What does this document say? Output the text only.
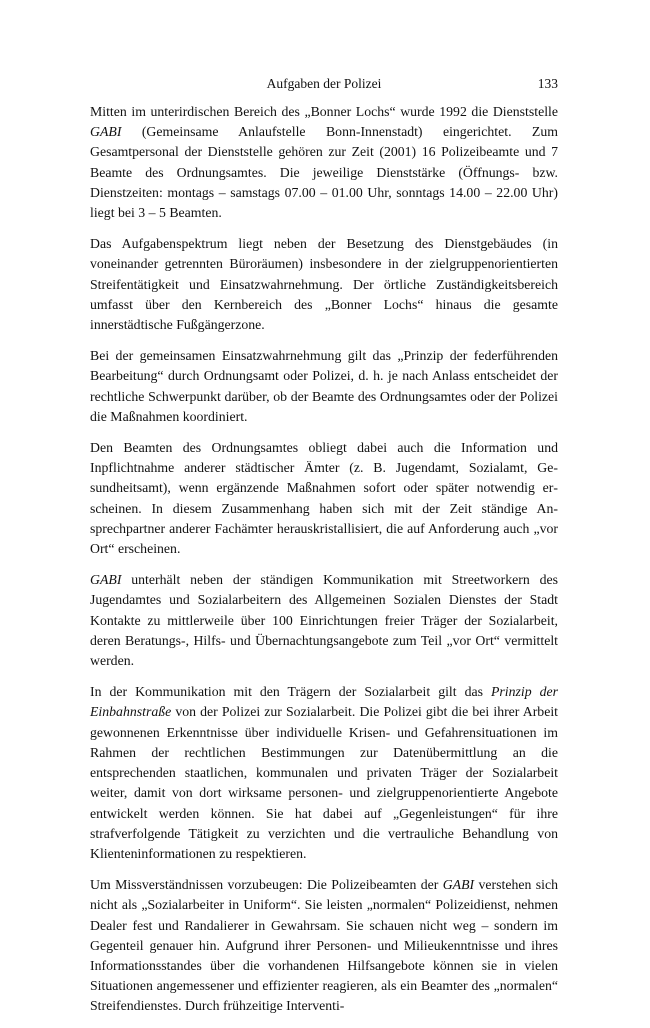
Aufgaben der Polizei	133

Mitten im unterirdischen Bereich des „Bonner Lochs“ wurde 1992 die Dienststelle GABI (Gemeinsame Anlaufstelle Bonn-Innenstadt) eingerichtet. Zum Gesamtpersonal der Dienststelle gehören zur Zeit (2001) 16 Polizeibeamte und 7 Beamte des Ordnungsamtes. Die jeweilige Dienststärke (Öffnungs- bzw. Dienstzeiten: montags – samstags 07.00 – 01.00 Uhr, sonntags 14.00 – 22.00 Uhr) liegt bei 3 – 5 Beamten.

Das Aufgabenspektrum liegt neben der Besetzung des Dienstgebäudes (in voneinander getrennten Büroräumen) insbesondere in der zielgruppenorientierten Streifentätigkeit und Einsatzwahrnehmung. Der örtliche Zuständigkeitsbereich umfasst über den Kernbereich des „Bonner Lochs“ hinaus die gesamte innerstädtische Fußgängerzone.

Bei der gemeinsamen Einsatzwahrnehmung gilt das „Prinzip der federführenden Bearbeitung“ durch Ordnungsamt oder Polizei, d. h. je nach Anlass entscheidet der rechtliche Schwerpunkt darüber, ob der Beamte des Ordnungsamtes oder der Polizei die Maßnahmen koordiniert.

Den Beamten des Ordnungsamtes obliegt dabei auch die Information und Inpflichtnahme anderer städtischer Ämter (z. B. Jugendamt, Sozialamt, Gesundheitsamt), wenn ergänzende Maßnahmen sofort oder später notwendig erscheinen. In diesem Zusammenhang haben sich mit der Zeit ständige Ansprechpartner anderer Fachämter herauskristallisiert, die auf Anforderung auch „vor Ort“ erscheinen.

GABI unterhält neben der ständigen Kommunikation mit Streetworkern des Jugendamtes und Sozialarbeitern des Allgemeinen Sozialen Dienstes der Stadt Kontakte zu mittlerweile über 100 Einrichtungen freier Träger der Sozialarbeit, deren Beratungs-, Hilfs- und Übernachtungsangebote zum Teil „vor Ort“ vermittelt werden.

In der Kommunikation mit den Trägern der Sozialarbeit gilt das Prinzip der Einbahnstraße von der Polizei zur Sozialarbeit. Die Polizei gibt die bei ihrer Arbeit gewonnenen Erkenntnisse über individuelle Krisen- und Gefahrensituationen im Rahmen der rechtlichen Bestimmungen zur Datenübermittlung an die entsprechenden staatlichen, kommunalen und privaten Träger der Sozialarbeit weiter, damit von dort wirksame personen- und zielgruppenorientierte Angebote entwickelt werden können. Sie hat dabei auf „Gegenleistungen“ für ihre strafverfolgende Tätigkeit zu verzichten und die vertrauliche Behandlung von Klienteninformationen zu respektieren.

Um Missverständnissen vorzubeugen: Die Polizeibeamten der GABI verstehen sich nicht als „Sozialarbeiter in Uniform“. Sie leisten „normalen“ Polizeidienst, nehmen Dealer fest und Randalierer in Gewahrsam. Sie schauen nicht weg – sondern im Gegenteil genauer hin. Aufgrund ihrer Personen- und Milieukenntnisse und ihres Informationsstandes über die vorhandenen Hilfsangebote können sie in vielen Situationen angemessener und effizienter reagieren, als ein Beamter des „normalen“ Streifendienstes. Durch frühzeitige Interventi-
